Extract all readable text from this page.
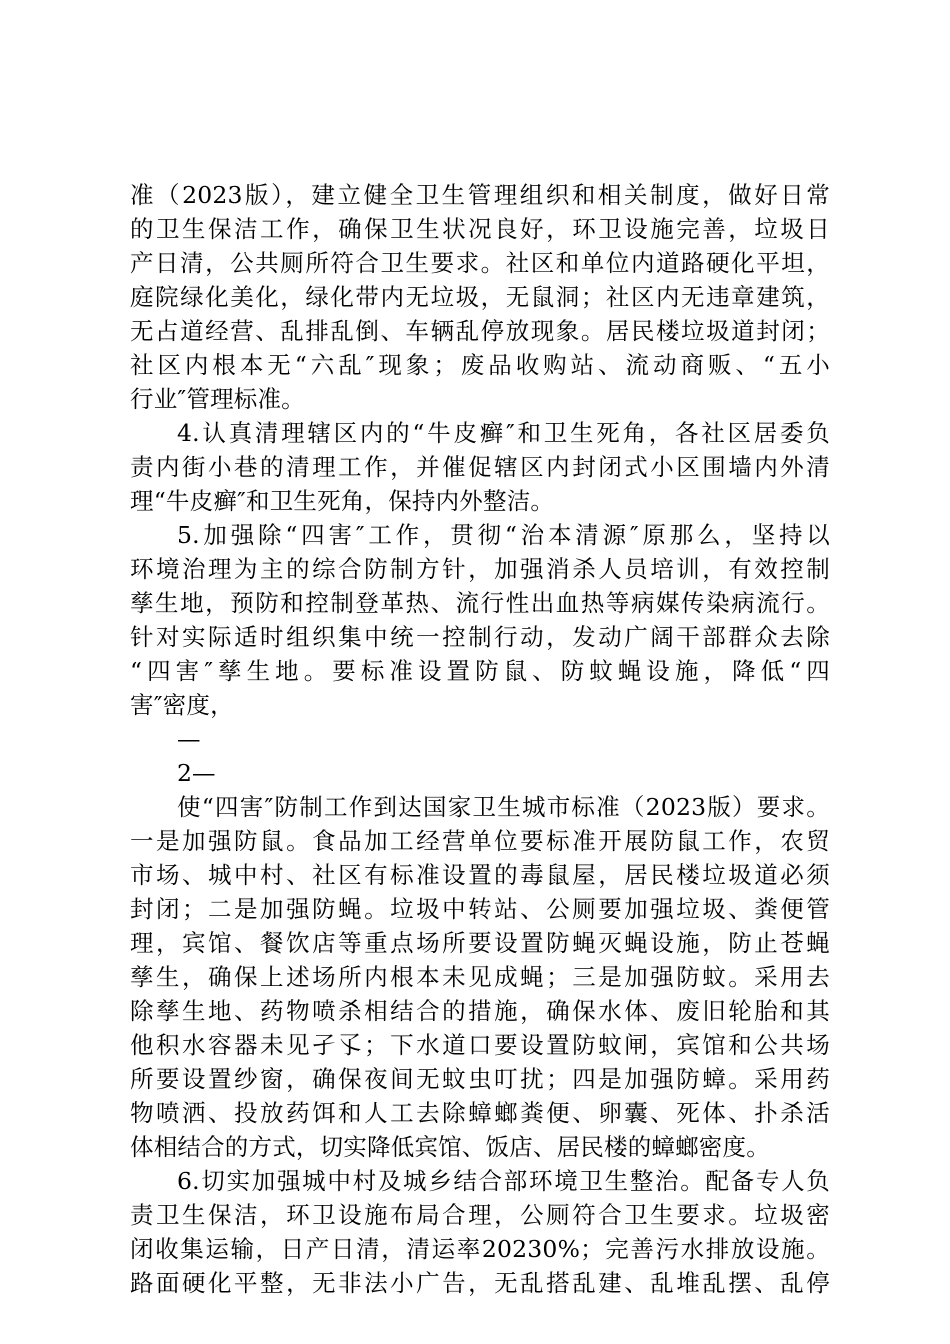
准（2023版），建立健全卫生管理组织和相关制度，做好日常
的卫生保洁工作，确保卫生状况良好，环卫设施完善，垃圾日
产日清，公共厕所符合卫生要求。社区和单位内道路硬化平坦，
庭院绿化美化，绿化带内无垃圾，无鼠洞；社区内无违章建筑，
无占道经营、乱排乱倒、车辆乱停放现象。居民楼垃圾道封闭；
社区内根本无“六乱″现象；废品收购站、流动商贩、“五小
行业″管理标准。
4.认真清理辖区内的“牛皮癣″和卫生死角，各社区居委负
责内街小巷的清理工作，并催促辖区内封闭式小区围墙内外清
理“牛皮癣″和卫生死角，保持内外整洁。
5.加强除“四害″工作，贯彻“治本清源″原那么，坚持以
环境治理为主的综合防制方针，加强消杀人员培训，有效控制
孳生地，预防和控制登革热、流行性出血热等病媒传染病流行。
针对实际适时组织集中统一控制行动，发动广阔干部群众去除
“四害″孳生地。要标准设置防鼠、防蚊蝇设施，降低“四
害″密度，
—
2—
使“四害″防制工作到达国家卫生城市标准（2023版）要求。
一是加强防鼠。食品加工经营单位要标准开展防鼠工作，农贸
市场、城中村、社区有标准设置的毒鼠屋，居民楼垃圾道必须
封闭；二是加强防蝇。垃圾中转站、公厕要加强垃圾、粪便管
理，宾馆、餐饮店等重点场所要设置防蝇灭蝇设施，防止苍蝇
孳生，确保上述场所内根本未见成蝇；三是加强防蚊。采用去
除孳生地、药物喷杀相结合的措施，确保水体、废旧轮胎和其
他积水容器未见孑孓；下水道口要设置防蚊闸，宾馆和公共场
所要设置纱窗，确保夜间无蚊虫叮扰；四是加强防蟑。采用药
物喷洒、投放药饵和人工去除蟑螂粪便、卵囊、死体、扑杀活
体相结合的方式，切实降低宾馆、饭店、居民楼的蟑螂密度。
6.切实加强城中村及城乡结合部环境卫生整治。配备专人负
责卫生保洁，环卫设施布局合理，公厕符合卫生要求。垃圾密
闭收集运输，日产日清，清运率20230%；完善污水排放设施。
路面硬化平整，无非法小广告，无乱搭乱建、乱堆乱摆、乱停
